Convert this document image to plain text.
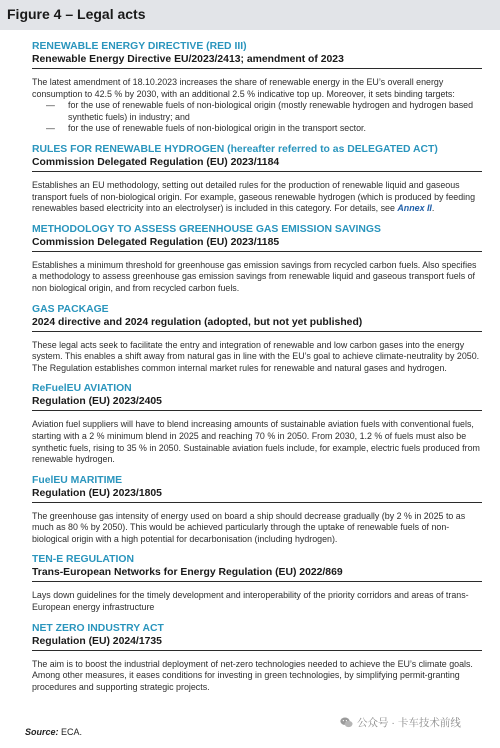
Figure 4 – Legal acts
RENEWABLE ENERGY DIRECTIVE (RED III)
Renewable Energy Directive EU/2023/2413; amendment of 2023
The latest amendment of 18.10.2023 increases the share of renewable energy in the EU’s overall energy consumption to 42.5 % by 2030, with an additional 2.5 % indicative top up. Moreover, it sets binding targets:
— for the use of renewable fuels of non-biological origin (mostly renewable hydrogen and hydrogen based synthetic fuels) in industry; and
— for the use of renewable fuels of non-biological origin in the transport sector.
RULES FOR RENEWABLE HYDROGEN (hereafter referred to as DELEGATED ACT)
Commission Delegated Regulation (EU) 2023/1184
Establishes an EU methodology, setting out detailed rules for the production of renewable liquid and gaseous transport fuels of non-biological origin. For example, gaseous renewable hydrogen (which is produced by feeding renewables based electricity into an electrolyser) is included in this category. For details, see Annex II.
METHODOLOGY TO ASSESS GREENHOUSE GAS EMISSION SAVINGS
Commission Delegated Regulation (EU) 2023/1185
Establishes a minimum threshold for greenhouse gas emission savings from recycled carbon fuels. Also specifies a methodology to assess greenhouse gas emission savings from renewable liquid and gaseous transport fuels of non biological origin, and from recycled carbon fuels.
GAS PACKAGE
2024 directive and 2024 regulation (adopted, but not yet published)
These legal acts seek to facilitate the entry and integration of renewable and low carbon gases into the energy system. This enables a shift away from natural gas in line with the EU’s goal to achieve climate-neutrality by 2050. The Regulation establishes common internal market rules for renewable and natural gases and hydrogen.
ReFuelEU AVIATION
Regulation (EU) 2023/2405
Aviation fuel suppliers will have to blend increasing amounts of sustainable aviation fuels with conventional fuels, starting with a 2 % minimum blend in 2025 and reaching 70 % in 2050. From 2030, 1.2 % of fuels must also be synthetic fuels, rising to 35 % in 2050. Sustainable aviation fuels include, for example, electric fuels produced from renewable hydrogen.
FuelEU MARITIME
Regulation (EU) 2023/1805
The greenhouse gas intensity of energy used on board a ship should decrease gradually (by 2 % in 2025 to as much as 80 % by 2050). This would be achieved particularly through the uptake of renewable fuels of non-biological origin with a high potential for decarbonisation (including hydrogen).
TEN-E REGULATION
Trans-European Networks for Energy Regulation (EU) 2022/869
Lays down guidelines for the timely development and interoperability of the priority corridors and areas of trans-European energy infrastructure
NET ZERO INDUSTRY ACT
Regulation (EU) 2024/1735
The aim is to boost the industrial deployment of net-zero technologies needed to achieve the EU’s climate goals. Among other measures, it eases conditions for investing in green technologies, by simplifying permit-granting procedures and supporting strategic projects.
公众号 · 卡车技术前线
Source: ECA.
